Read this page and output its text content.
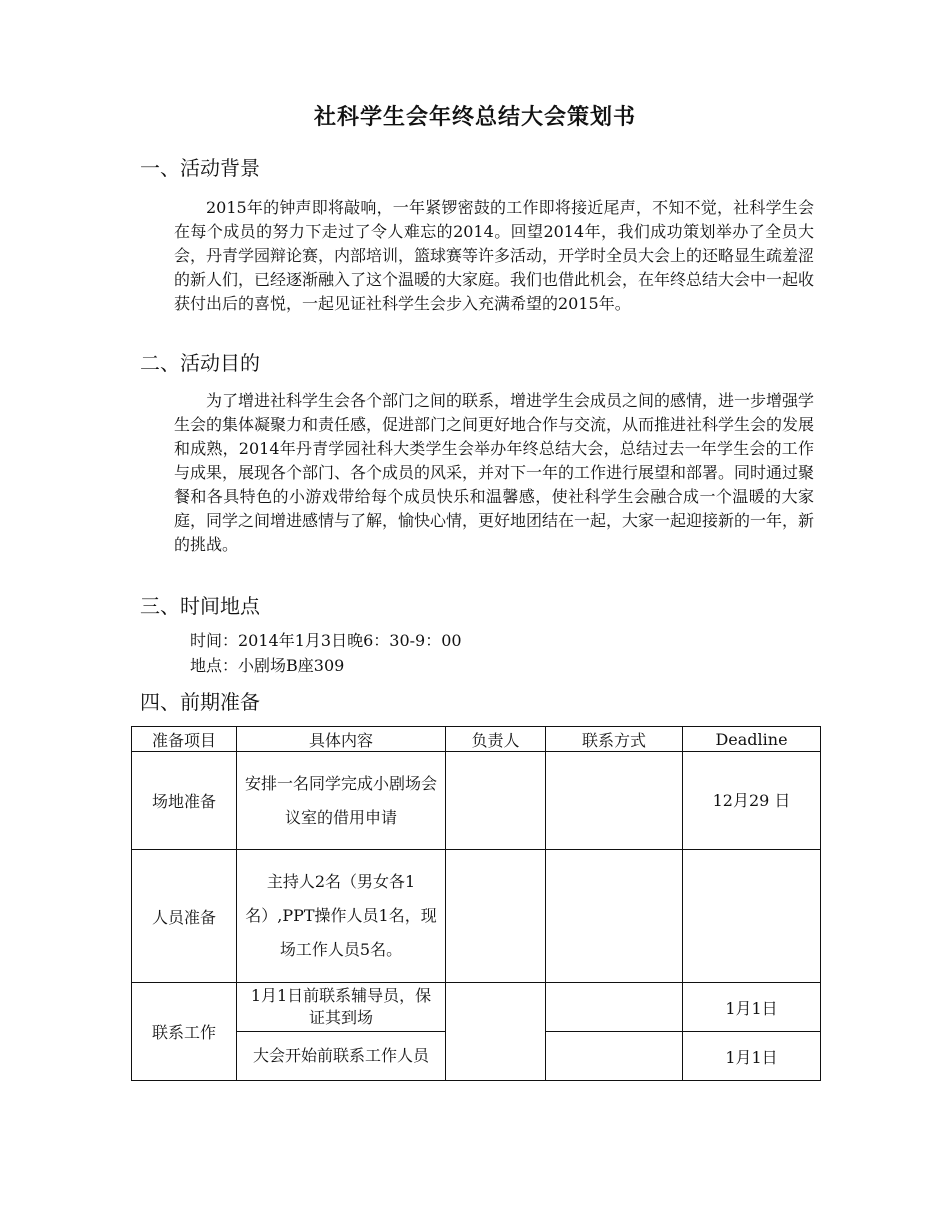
社科学生会年终总结大会策划书
一、活动背景
2015年的钟声即将敲响，一年紧锣密鼓的工作即将接近尾声，不知不觉，社科学生会在每个成员的努力下走过了令人难忘的2014。回望2014年，我们成功策划举办了全员大会，丹青学园辩论赛，内部培训，篮球赛等许多活动，开学时全员大会上的还略显生疏羞涩的新人们，已经逐渐融入了这个温暖的大家庭。我们也借此机会，在年终总结大会中一起收获付出后的喜悦，一起见证社科学生会步入充满希望的2015年。
二、活动目的
为了增进社科学生会各个部门之间的联系，增进学生会成员之间的感情，进一步增强学生会的集体凝聚力和责任感，促进部门之间更好地合作与交流，从而推进社科学生会的发展和成熟，2014年丹青学园社科大类学生会举办年终总结大会，总结过去一年学生会的工作与成果，展现各个部门、各个成员的风采，并对下一年的工作进行展望和部署。同时通过聚餐和各具特色的小游戏带给每个成员快乐和温馨感，使社科学生会融合成一个温暖的大家庭，同学之间增进感情与了解，愉快心情，更好地团结在一起，大家一起迎接新的一年，新的挑战。
三、时间地点
时间：2014年1月3日晚6：30-9：00
地点：小剧场B座309
四、前期准备
准备项目	具体内容	负责人	联系方式	Deadline
场地准备	安排一名同学完成小剧场会议室的借用申请			12月29 日
人员准备	主持人2名（男女各1名）,PPT操作人员1名，现场工作人员5名。			
联系工作	1月1日前联系辅导员，保证其到场			1月1日
	大会开始前联系工作人员			1月1日
